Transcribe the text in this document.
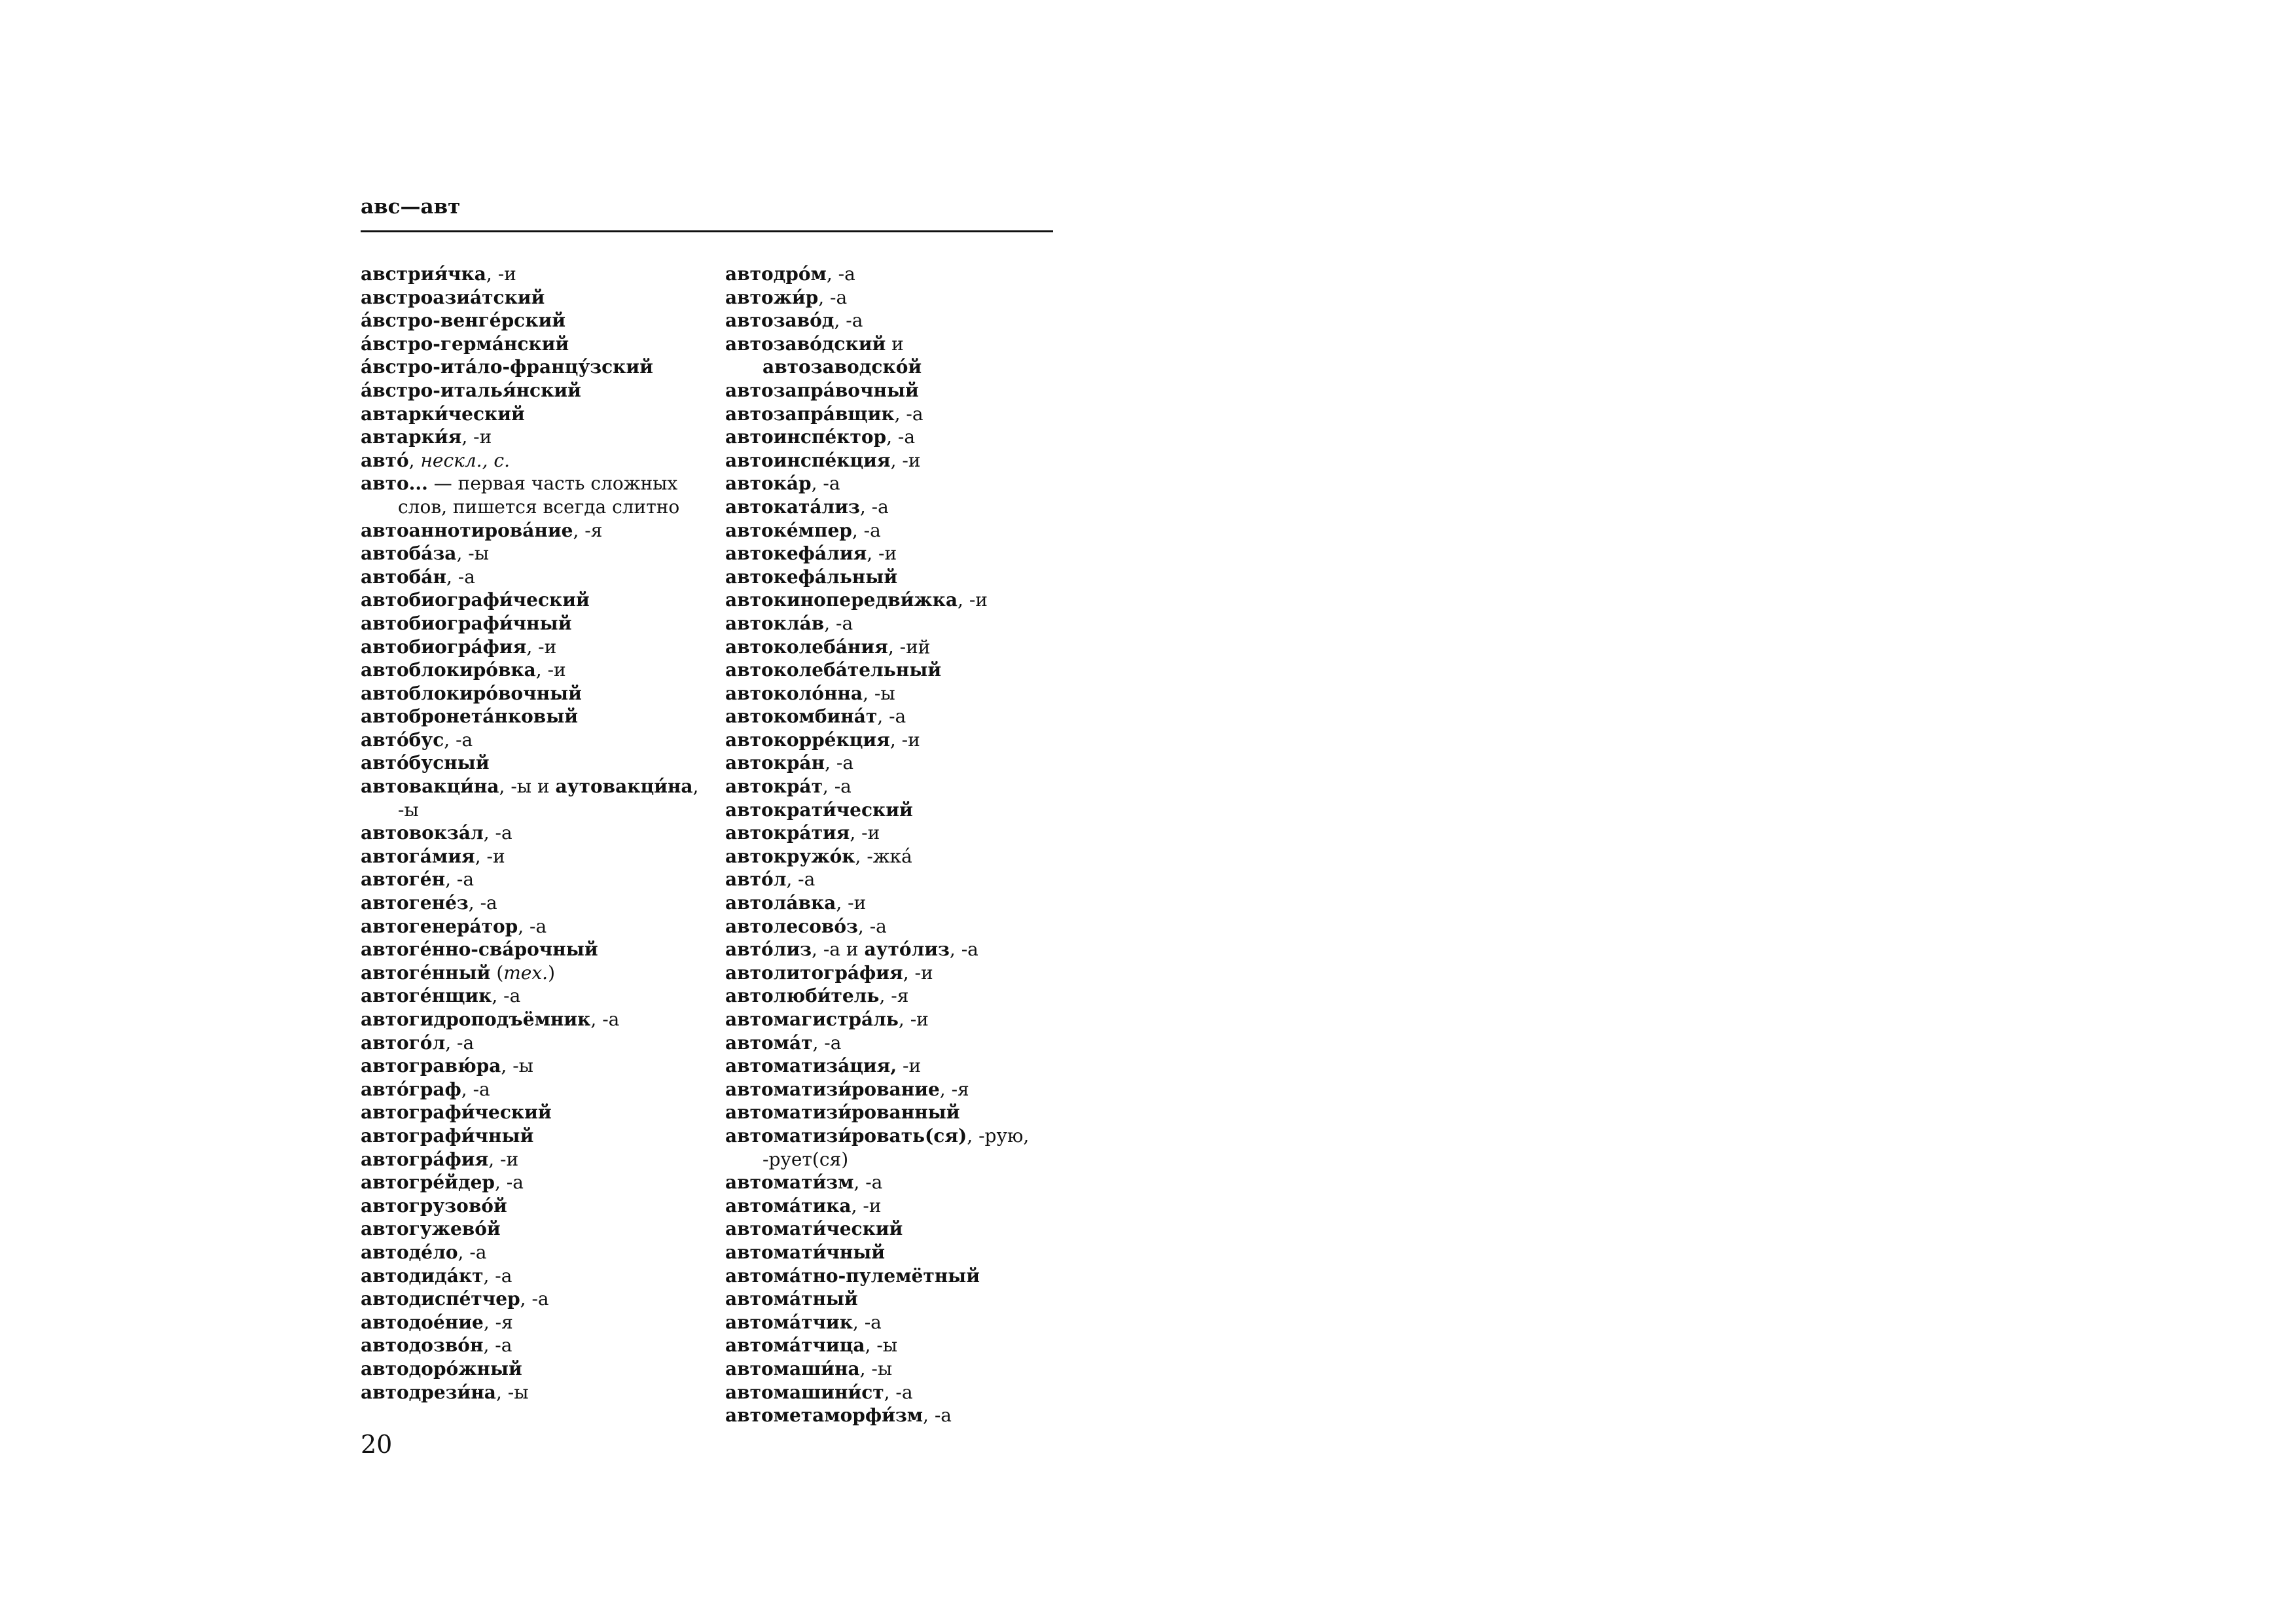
авс—авт
австрия́чка, -и
австроазиа́тский
а́встро-венге́рский
а́встро-герма́нский
а́встро-ита́ло-францу́зский
а́встро-италья́нский
автарки́ческий
автарки́я, -и
авто́, нескл., с.
авто... — первая часть сложных слов, пишется всегда слитно
автоаннотирова́ние, -я
автоба́за, -ы
автоба́н, -а
автобиографи́ческий
автобиографи́чный
автобиогра́фия, -и
автоблокиро́вка, -и
автоблокиро́вочный
автобронета́нковый
авто́бус, -а
авто́бусный
автовакци́на, -ы и аутовакци́на, -ы
автовокза́л, -а
автога́мия, -и
автоге́н, -а
автогене́з, -а
автогенера́тор, -а
автоге́нно-сва́рочный
автоге́нный (тех.)
автоге́нщик, -а
автогидроподъёмник, -а
автого́л, -а
автогравю́ра, -ы
авто́граф, -а
автографи́ческий
автографи́чный
автогра́фия, -и
автогре́йдер, -а
автогрузово́й
автогужево́й
автоде́ло, -а
автодида́кт, -а
автодиспе́тчер, -а
автодое́ние, -я
автодозво́н, -а
автодоро́жный
автодрези́на, -ы
автодро́м, -а
автожи́р, -а
автозаво́д, -а
автозаво́дский и автозаводско́й
автозапра́вочный
автозапра́вщик, -а
автоинспе́ктор, -а
автоинспе́кция, -и
автока́р, -а
автоката́лиз, -а
автоке́мпер, -а
автокефа́лия, -и
автокефа́льный
автокинопередви́жка, -и
автокла́в, -а
автоколеба́ния, -ий
автоколеба́тельный
автоколо́нна, -ы
автокомбина́т, -а
автокорре́кция, -и
автокра́н, -а
автокра́т, -а
автократи́ческий
автокра́тия, -и
автокружо́к, -жка́
авто́л, -а
автола́вка, -и
автолесово́з, -а
авто́лиз, -а и ауто́лиз, -а
автолитогра́фия, -и
автолюби́тель, -я
автомагистра́ль, -и
автома́т, -а
автоматиза́ция, -и
автоматизи́рование, -я
автоматизи́рованный
автоматизи́ровать(ся), -рую, -рует(ся)
автомати́зм, -а
автома́тика, -и
автомати́ческий
автомати́чный
автома́тно-пулемётный
автома́тный
автома́тчик, -а
автома́тчица, -ы
автомаши́на, -ы
автомашини́ст, -а
автометаморфи́зм, -а
20
